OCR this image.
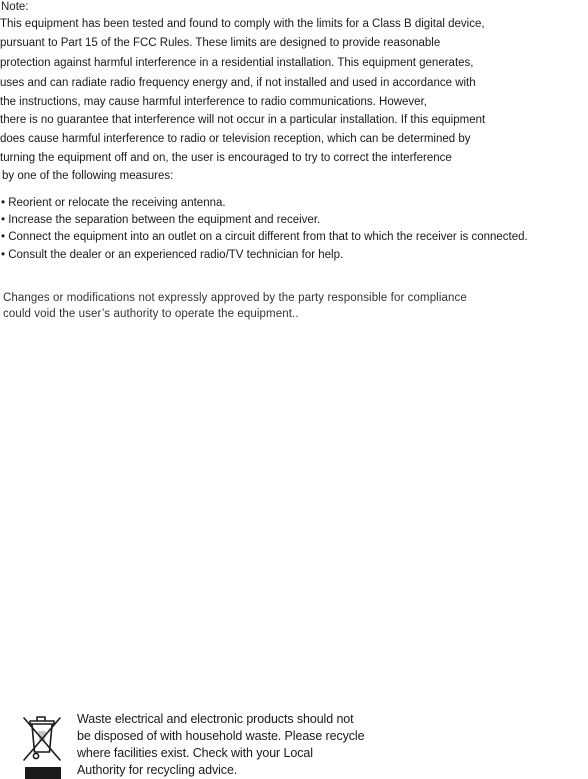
Note:
This equipment has been tested and found to comply with the limits for a Class B digital device,
pursuant to Part 15 of the FCC Rules. These limits are designed to provide reasonable
protection against harmful interference in a residential installation. This equipment generates,
uses and can radiate radio frequency energy and, if not installed and used in accordance with
the instructions, may cause harmful interference to radio communications. However,
there is no guarantee that interference will not occur in a particular installation. If this equipment
does cause harmful interference to radio or television reception, which can be determined by
turning the equipment off and on, the user is encouraged to try to correct the interference
by one of the following measures:
• Reorient or relocate the receiving antenna.
• Increase the separation between the equipment and receiver.
• Connect the equipment into an outlet on a circuit different from that to which the receiver is connected.
• Consult the dealer or an experienced radio/TV technician for help.
Changes or modifications not expressly approved by the party responsible for compliance
could void the user’s authority to operate the equipment..
Waste electrical and electronic products should not
be disposed of with household waste. Please recycle
where facilities exist. Check with your Local
Authority for recycling advice.
